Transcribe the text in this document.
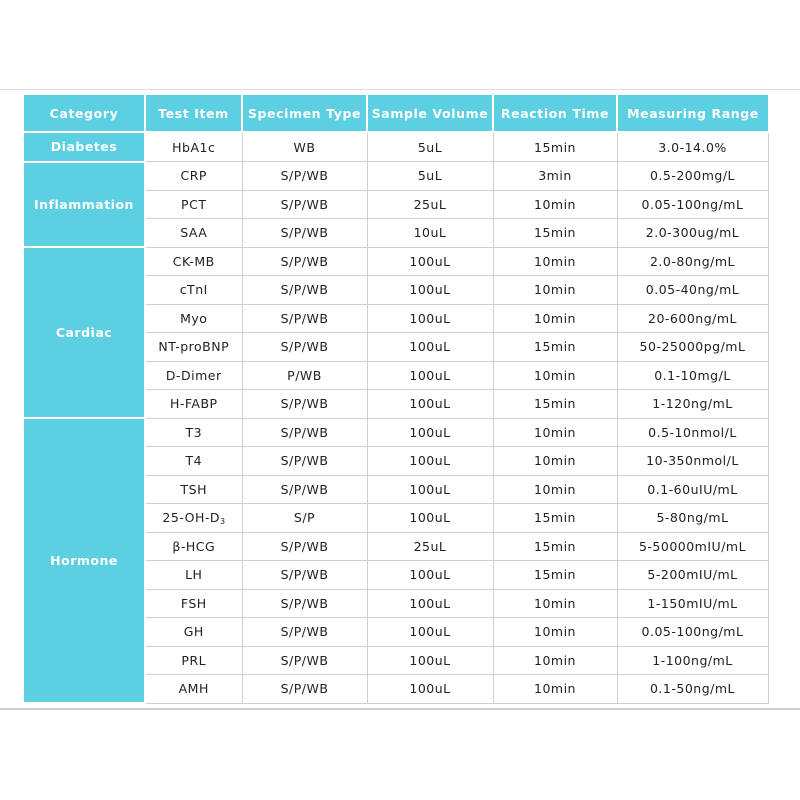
Category	Test Item	Specimen Type	Sample Volume	Reaction Time	Measuring Range
Diabetes	HbA1c	WB	5uL	15min	3.0-14.0%
Inflammation	CRP	S/P/WB	5uL	3min	0.5-200mg/L
	PCT	S/P/WB	25uL	10min	0.05-100ng/mL
	SAA	S/P/WB	10uL	15min	2.0-300ug/mL
Cardiac	CK-MB	S/P/WB	100uL	10min	2.0-80ng/mL
	cTnI	S/P/WB	100uL	10min	0.05-40ng/mL
	Myo	S/P/WB	100uL	10min	20-600ng/mL
	NT-proBNP	S/P/WB	100uL	15min	50-25000pg/mL
	D-Dimer	P/WB	100uL	10min	0.1-10mg/L
	H-FABP	S/P/WB	100uL	15min	1-120ng/mL
Hormone	T3	S/P/WB	100uL	10min	0.5-10nmol/L
	T4	S/P/WB	100uL	10min	10-350nmol/L
	TSH	S/P/WB	100uL	10min	0.1-60uIU/mL
	$25-OH-D_3$	S/P	100uL	15min	5-80ng/mL
	β-HCG	S/P/WB	25uL	15min	5-50000mIU/mL
	LH	S/P/WB	100uL	15min	5-200mIU/mL
	FSH	S/P/WB	100uL	10min	1-150mIU/mL
	GH	S/P/WB	100uL	10min	0.05-100ng/mL
	PRL	S/P/WB	100uL	10min	1-100ng/mL
	AMH	S/P/WB	100uL	10min	0.1-50ng/mL
